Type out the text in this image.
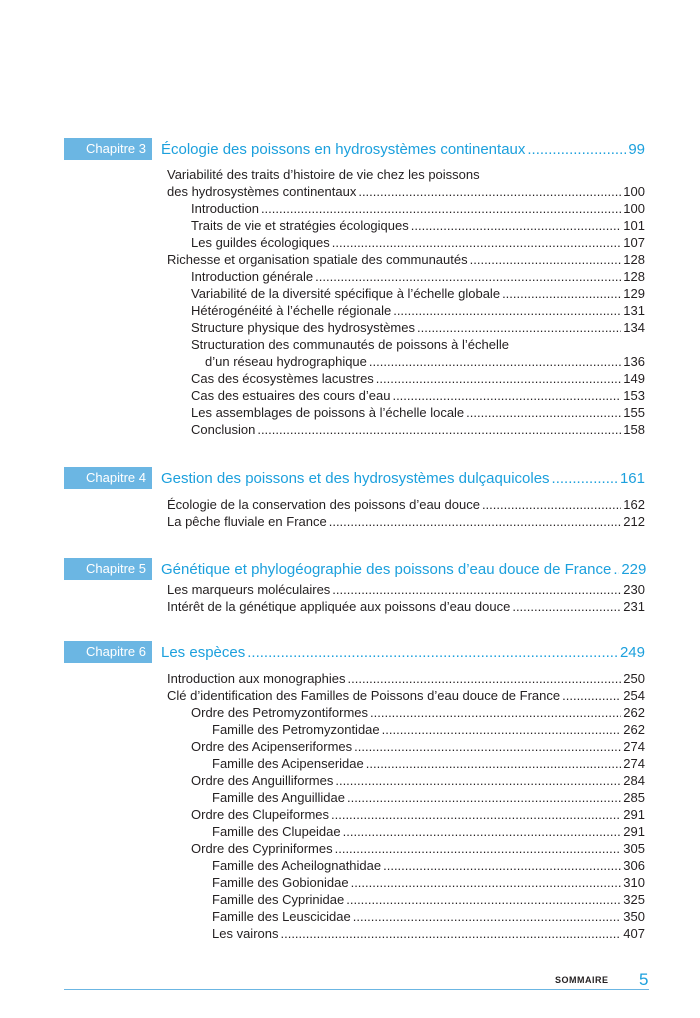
Chapitre 3	Écologie des poissons en hydrosystèmes continentaux .....	99
Variabilité des traits d’histoire de vie chez les poissons
des hydrosystèmes continentaux .....	100
Introduction .....	100
Traits de vie et stratégies écologiques .....	101
Les guildes écologiques .....	107
Richesse et organisation spatiale des communautés .....	128
Introduction générale .....	128
Variabilité de la diversité spécifique à l’échelle globale .....	129
Hétérogénéité à l’échelle régionale .....	131
Structure physique des hydrosystèmes .....	134
Structuration des communautés de poissons à l’échelle
d’un réseau hydrographique .....	136
Cas des écosystèmes lacustres .....	149
Cas des estuaires des cours d’eau .....	153
Les assemblages de poissons à l’échelle locale .....	155
Conclusion .....	158
Chapitre 4	Gestion des poissons et des hydrosystèmes dulçaquicoles .....	161
Écologie de la conservation des poissons d’eau douce .....	162
La pêche fluviale en France .....	212
Chapitre 5	Génétique et phylogéographie des poissons d’eau douce de France ..... 229
Les marqueurs moléculaires .....	230
Intérêt de la génétique appliquée aux poissons d’eau douce .....	231
Chapitre 6	Les espèces .....	249
Introduction aux monographies .....	250
Clé d’identification des Familles de Poissons d’eau douce de France .....	254
Ordre des Petromyzontiformes .....	262
Famille des Petromyzontidae .....	262
Ordre des Acipenseriformes .....	274
Famille des Acipenseridae .....	274
Ordre des Anguilliformes .....	284
Famille des Anguillidae .....	285
Ordre des Clupeiformes .....	291
Famille des Clupeidae .....	291
Ordre des Cypriniformes .....	305
Famille des Acheilognathidae .....	306
Famille des Gobionidae .....	310
Famille des Cyprinidae .....	325
Famille des Leuscicidae .....	350
Les vairons .....	407
SOMMAIRE 5
